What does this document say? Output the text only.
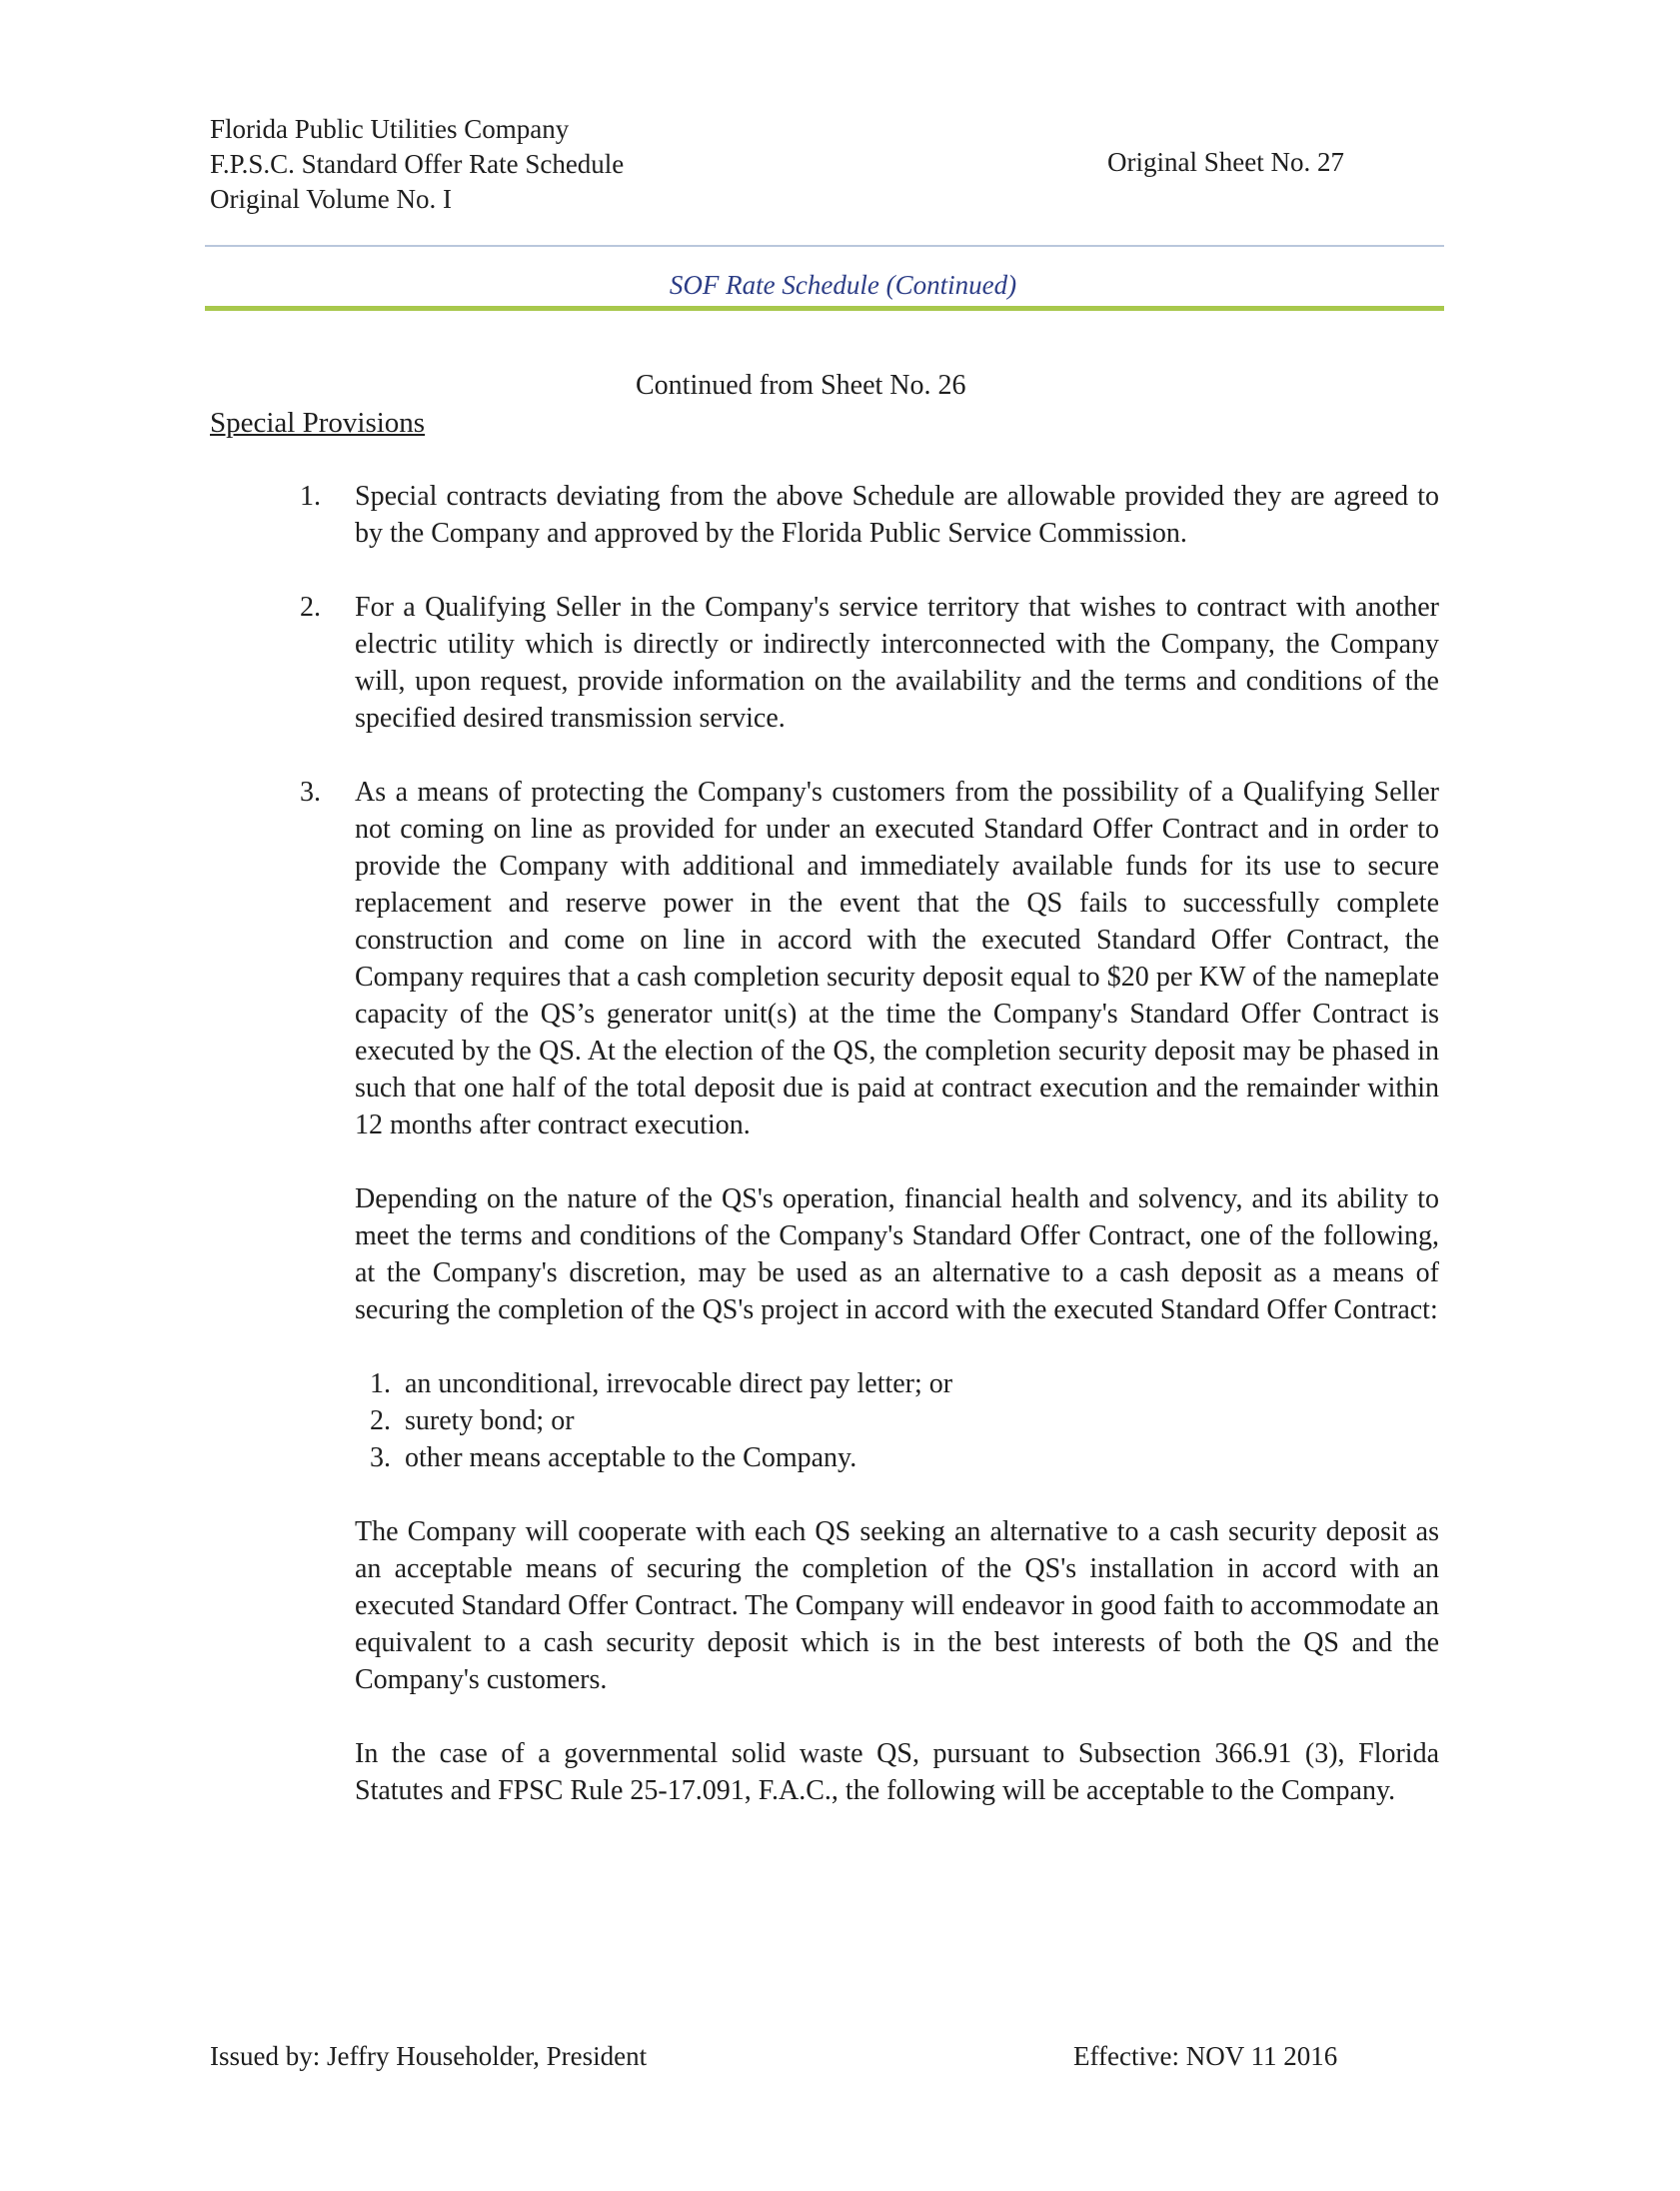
Florida Public Utilities Company
F.P.S.C. Standard Offer Rate Schedule
Original Volume No. I
Original Sheet No. 27
SOF Rate Schedule (Continued)
Continued from Sheet No. 26
Special Provisions
1. Special contracts deviating from the above Schedule are allowable provided they are agreed to by the Company and approved by the Florida Public Service Commission.
2. For a Qualifying Seller in the Company's service territory that wishes to contract with another electric utility which is directly or indirectly interconnected with the Company, the Company will, upon request, provide information on the availability and the terms and conditions of the specified desired transmission service.
3. As a means of protecting the Company's customers from the possibility of a Qualifying Seller not coming on line as provided for under an executed Standard Offer Contract and in order to provide the Company with additional and immediately available funds for its use to secure replacement and reserve power in the event that the QS fails to successfully complete construction and come on line in accord with the executed Standard Offer Contract, the Company requires that a cash completion security deposit equal to $20 per KW of the nameplate capacity of the QS’s generator unit(s) at the time the Company's Standard Offer Contract is executed by the QS. At the election of the QS, the completion security deposit may be phased in such that one half of the total deposit due is paid at contract execution and the remainder within 12 months after contract execution.

Depending on the nature of the QS's operation, financial health and solvency, and its ability to meet the terms and conditions of the Company's Standard Offer Contract, one of the following, at the Company's discretion, may be used as an alternative to a cash deposit as a means of securing the completion of the QS's project in accord with the executed Standard Offer Contract:

1. an unconditional, irrevocable direct pay letter; or
2. surety bond; or
3. other means acceptable to the Company.

The Company will cooperate with each QS seeking an alternative to a cash security deposit as an acceptable means of securing the completion of the QS's installation in accord with an executed Standard Offer Contract. The Company will endeavor in good faith to accommodate an equivalent to a cash security deposit which is in the best interests of both the QS and the Company's customers.

In the case of a governmental solid waste QS, pursuant to Subsection 366.91 (3), Florida Statutes and FPSC Rule 25-17.091, F.A.C., the following will be acceptable to the Company.

Issued by: Jeffry Householder, President	Effective: NOV 11 2016
